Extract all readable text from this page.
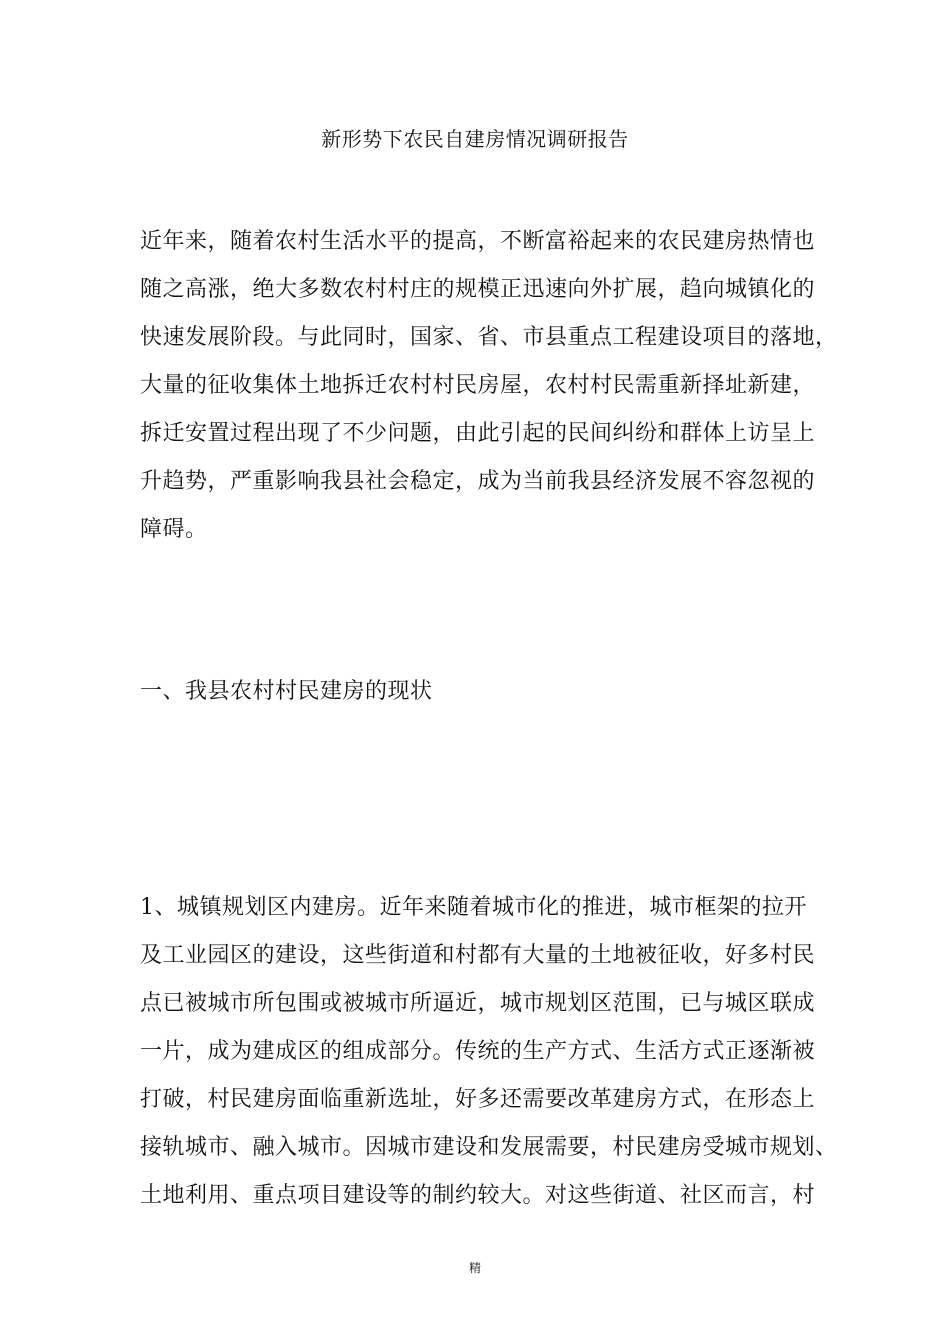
新形势下农民自建房情况调研报告
近年来，随着农村生活水平的提高，不断富裕起来的农民建房热情也
随之高涨，绝大多数农村村庄的规模正迅速向外扩展，趋向城镇化的
快速发展阶段。与此同时，国家、省、市县重点工程建设项目的落地，
大量的征收集体土地拆迁农村村民房屋，农村村民需重新择址新建，
拆迁安置过程出现了不少问题，由此引起的民间纠纷和群体上访呈上
升趋势，严重影响我县社会稳定，成为当前我县经济发展不容忽视的
障碍。
一、我县农村村民建房的现状
1、城镇规划区内建房。近年来随着城市化的推进，城市框架的拉开
及工业园区的建设，这些街道和村都有大量的土地被征收，好多村民
点已被城市所包围或被城市所逼近，城市规划区范围，已与城区联成
一片，成为建成区的组成部分。传统的生产方式、生活方式正逐渐被
打破，村民建房面临重新选址，好多还需要改革建房方式，在形态上
接轨城市、融入城市。因城市建设和发展需要，村民建房受城市规划、
土地利用、重点项目建设等的制约较大。对这些街道、社区而言，村
精
